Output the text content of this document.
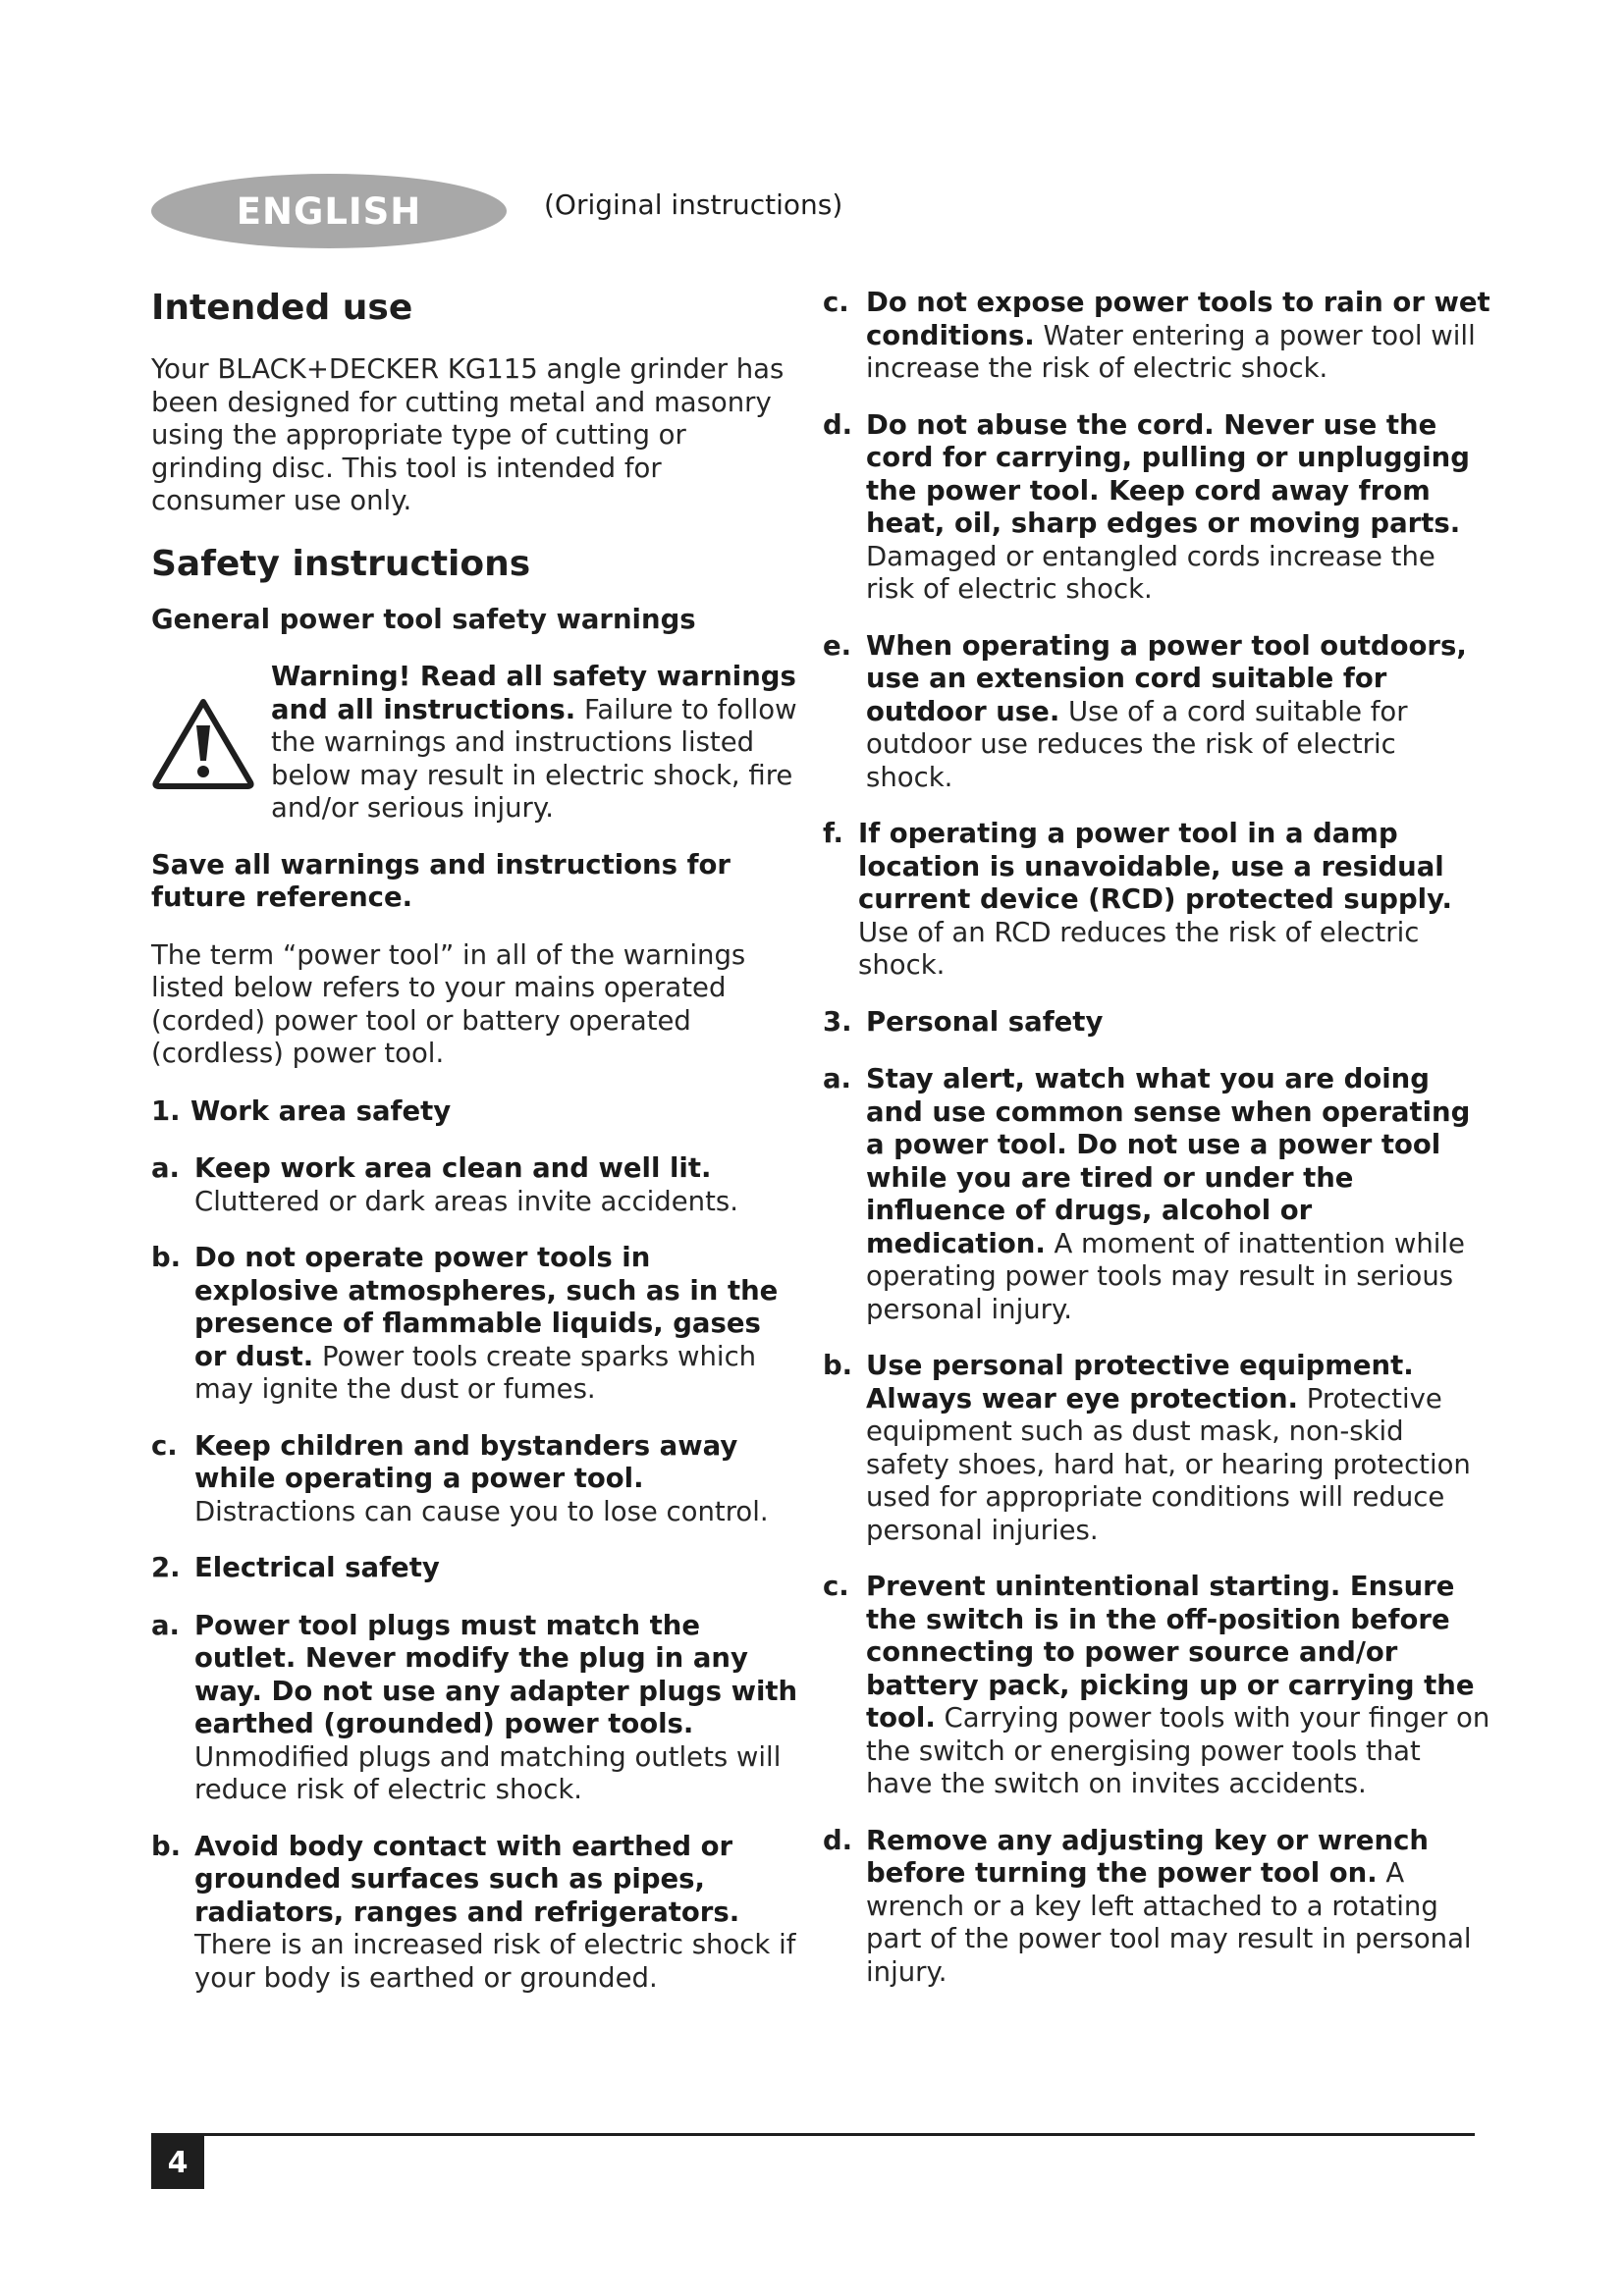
ENGLISH	(Original instructions)
Intended use

Your BLACK+DECKER KG115 angle grinder has been designed for cutting metal and masonry using the appropriate type of cutting or grinding disc. This tool is intended for consumer use only.

Safety instructions
General power tool safety warnings

Warning! Read all safety warnings and all instructions. Failure to follow the warnings and instructions listed below may result in electric shock, fire and/or serious injury.

Save all warnings and instructions for future reference.

The term “power tool” in all of the warnings listed below refers to your mains operated (corded) power tool or battery operated (cordless) power tool.

1. Work area safety
a. Keep work area clean and well lit. Cluttered or dark areas invite accidents.

b. Do not operate power tools in explosive atmospheres, such as in the presence of flammable liquids, gases or dust. Power tools create sparks which may ignite the dust or fumes.

c. Keep children and bystanders away while operating a power tool. Distractions can cause you to lose control.

2. Electrical safety
a. Power tool plugs must match the outlet. Never modify the plug in any way. Do not use any adapter plugs with earthed (grounded) power tools. Unmodified plugs and matching outlets will reduce risk of electric shock.

b. Avoid body contact with earthed or grounded surfaces such as pipes, radiators, ranges and refrigerators. There is an increased risk of electric shock if your body is earthed or grounded.

c. Do not expose power tools to rain or wet conditions. Water entering a power tool will increase the risk of electric shock.

d. Do not abuse the cord. Never use the cord for carrying, pulling or unplugging the power tool. Keep cord away from heat, oil, sharp edges or moving parts. Damaged or entangled cords increase the risk of electric shock.

e. When operating a power tool outdoors, use an extension cord suitable for outdoor use. Use of a cord suitable for outdoor use reduces the risk of electric shock.

f. If operating a power tool in a damp location is unavoidable, use a residual current device (RCD) protected supply. Use of an RCD reduces the risk of electric shock.

3. Personal safety
a. Stay alert, watch what you are doing and use common sense when operating a power tool. Do not use a power tool while you are tired or under the influence of drugs, alcohol or medication. A moment of inattention while operating power tools may result in serious personal injury.

b. Use personal protective equipment. Always wear eye protection. Protective equipment such as dust mask, non-skid safety shoes, hard hat, or hearing protection used for appropriate conditions will reduce personal injuries.

c. Prevent unintentional starting. Ensure the switch is in the off-position before connecting to power source and/or battery pack, picking up or carrying the tool. Carrying power tools with your finger on the switch or energising power tools that have the switch on invites accidents.

d. Remove any adjusting key or wrench before turning the power tool on. A wrench or a key left attached to a rotating part of the power tool may result in personal injury.

4
